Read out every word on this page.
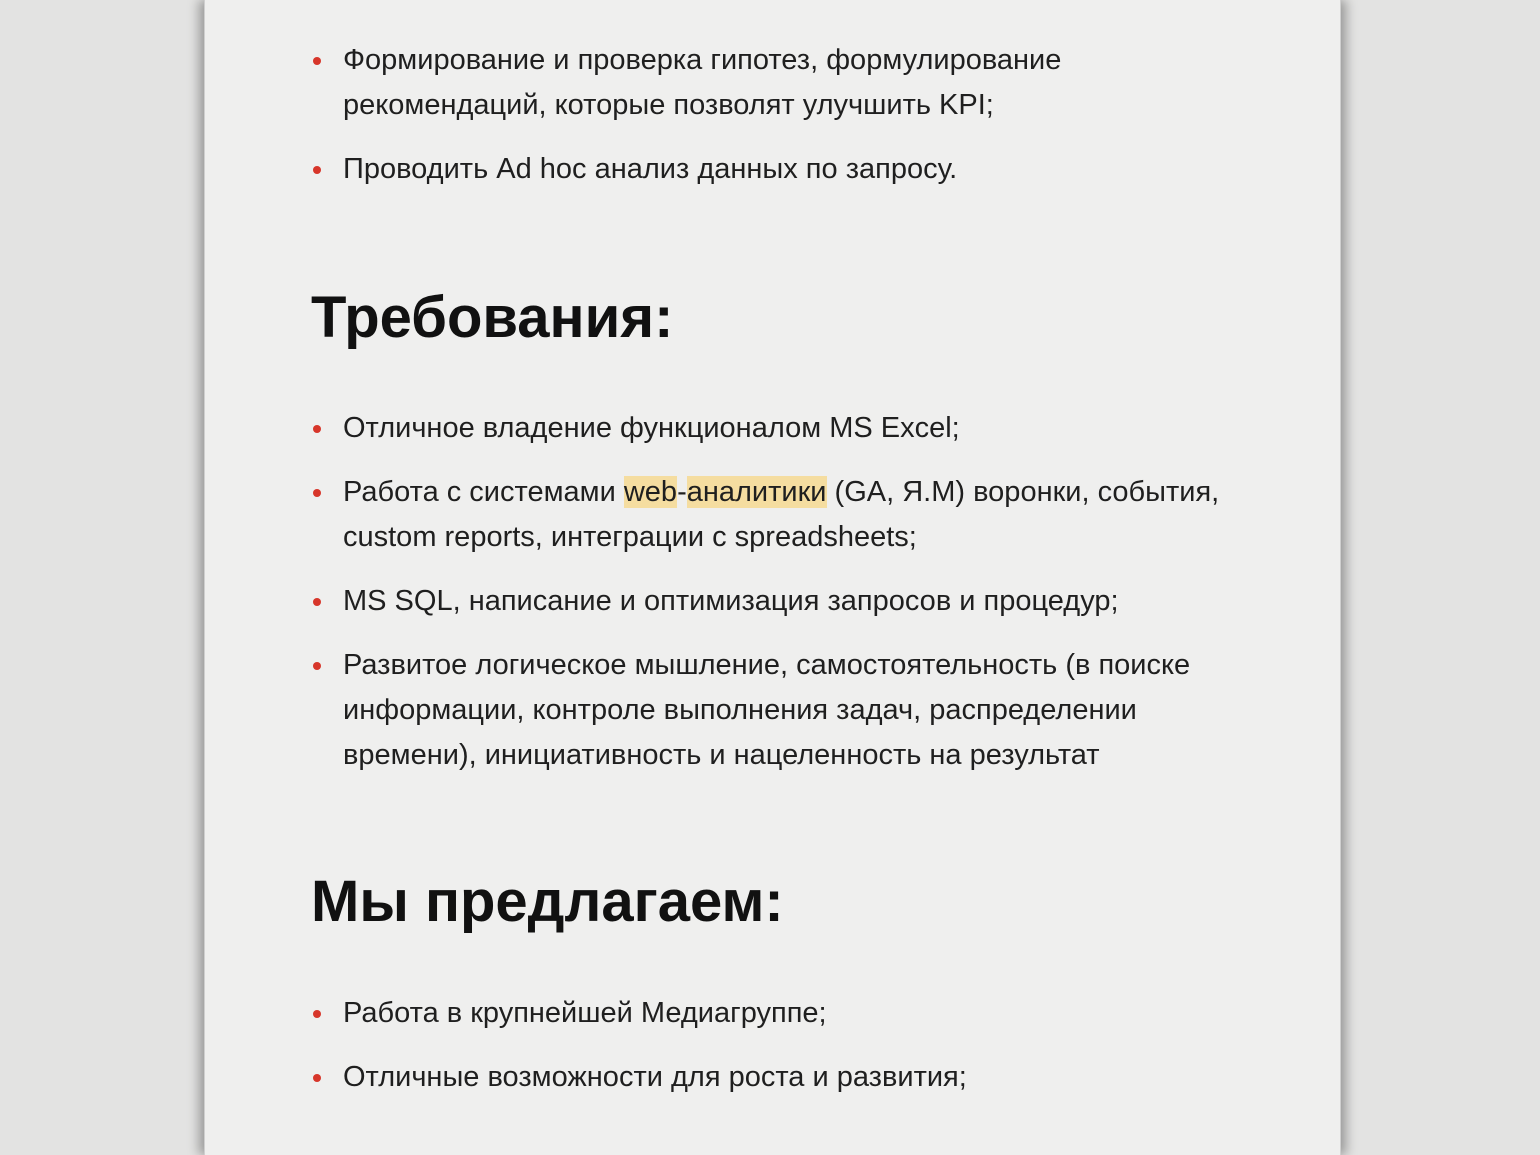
Формирование и проверка гипотез, формулирование рекомендаций, которые позволят улучшить KPI;
Проводить Ad hoc анализ данных по запросу.
Требования:
Отличное владение функционалом MS Excel;
Работа с системами web-аналитики (GA, Я.М) воронки, события, custom reports, интеграции с spreadsheets;
MS SQL, написание и оптимизация запросов и процедур;
Развитое логическое мышление, самостоятельность (в поиске информации, контроле выполнения задач, распределении времени), инициативность и нацеленность на результат
Мы предлагаем:
Работа в крупнейшей Медиагруппе;
Отличные возможности для роста и развития;
